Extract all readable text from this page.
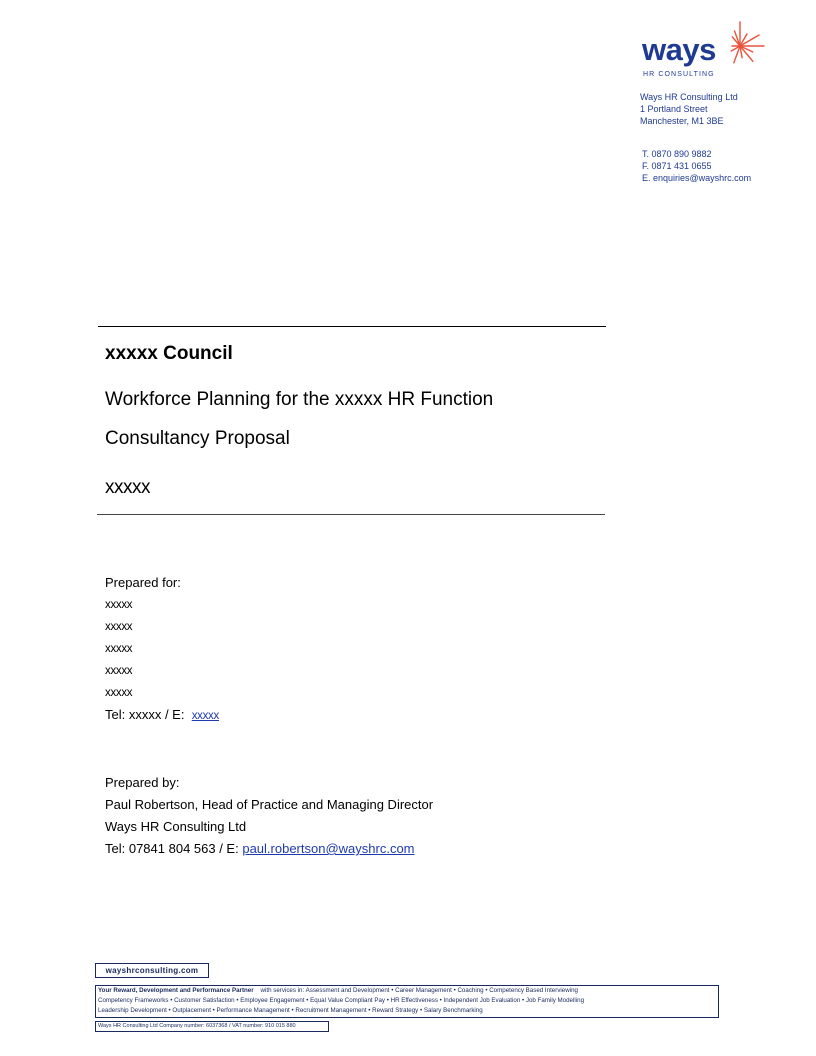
ways
HR CONSULTING
Ways HR Consulting Ltd
1 Portland Street
Manchester, M1 3BE
T. 0870 890 9882
F. 0871 431 0655
E. enquiries@wayshrc.com
xxxxx Council
Workforce Planning for the xxxxx HR Function
Consultancy Proposal
xxxxx
Prepared for:
xxxxx
xxxxx
xxxxx
xxxxx
xxxxx
Tel: xxxxx / E: xxxxx
Prepared by:
Paul Robertson, Head of Practice and Managing Director
Ways HR Consulting Ltd
Tel: 07841 804 563 / E: paul.robertson@wayshrc.com
wayshrconsulting.com
Your Reward, Development and Performance Partner with services in: Assessment and Development • Career Management • Coaching • Competency Based Interviewing
Competency Frameworks • Customer Satisfaction • Employee Engagement • Equal Value Compliant Pay • HR Effectiveness • Independent Job Evaluation • Job Family Modelling
Leadership Development • Outplacement • Performance Management • Recruitment Management • Reward Strategy • Salary Benchmarking
Ways HR Consulting Ltd Company number: 6037368 / VAT number: 910 015 880
